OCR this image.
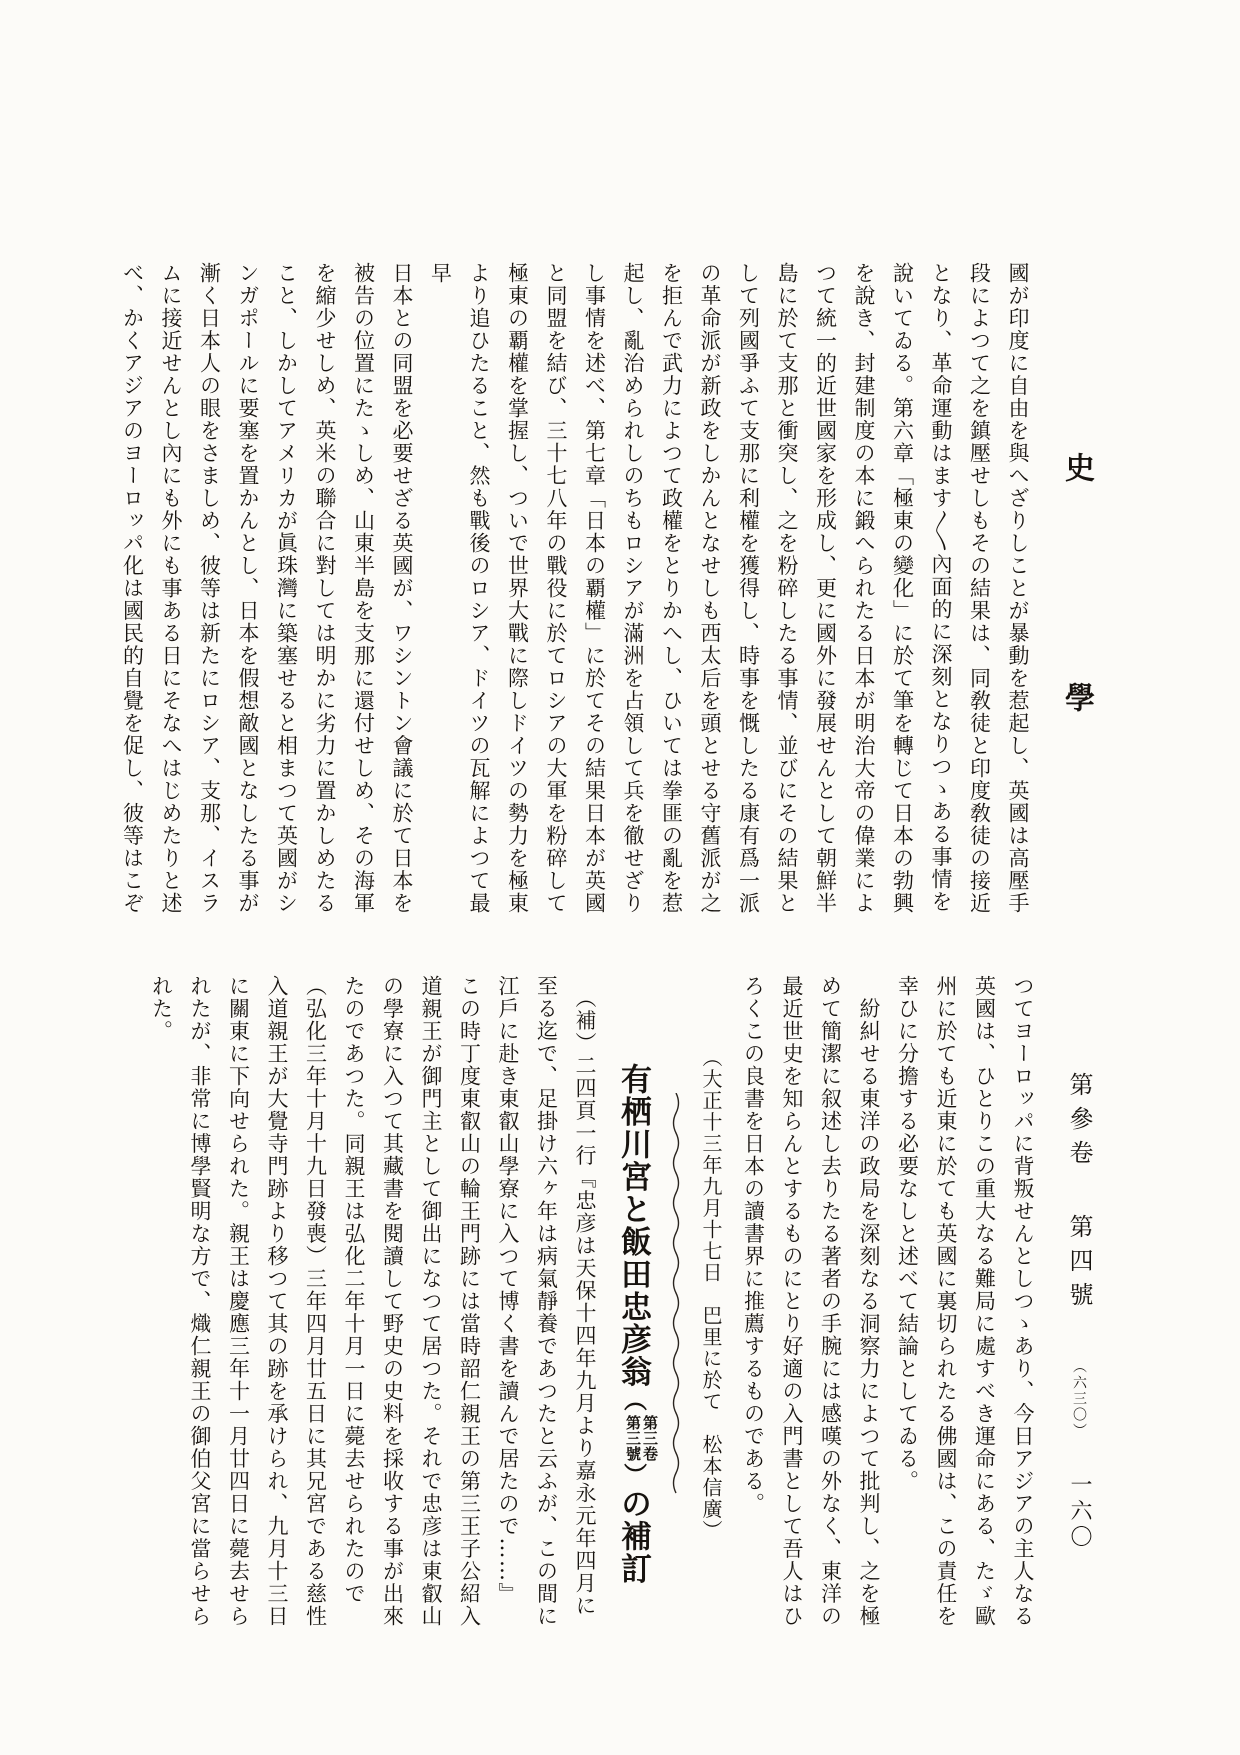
史學

國が印度に自由を與へざりしことが暴動を惹起し、英國は高壓手

段によつて之を鎮壓せしもその結果は、同敎徒と印度敎徒の接近

となり、革命運動はます〱內面的に深刻となりつゝある事情を

說いてゐる。第六章「極東の變化」に於て筆を轉じて日本の勃興

を說き、封建制度の本に鍛へられたる日本が明治大帝の偉業によ

つて統一的近世國家を形成し、更に國外に發展せんとして朝鮮半

島に於て支那と衝突し、之を粉碎したる事情、並びにその結果と

して列國爭ふて支那に利權を獲得し、時事を慨したる康有爲一派

の革命派が新政をしかんとなせしも西太后を頭とせる守舊派が之

を拒んで武力によつて政權をとりかへし、ひいては拳匪の亂を惹

起し、亂治められしのちもロシアが滿洲を占領して兵を徹せざり

し事情を述べ、第七章「日本の覇權」に於てその結果日本が英國

と同盟を結び、三十七八年の戰役に於てロシアの大軍を粉碎して

極東の覇權を掌握し、ついで世界大戰に際しドイツの勢力を極東

より追ひたること、然も戰後のロシア、ドイツの瓦解によつて最早

日本との同盟を必要せざる英國が、ワシントン會議に於て日本を

被告の位置にたゝしめ、山東半島を支那に還付せしめ、その海軍

を縮少せしめ、英米の聯合に對しては明かに劣力に置かしめたる

こと、しかしてアメリカが眞珠灣に築塞せると相まつて英國がシ

ンガポールに要塞を置かんとし、日本を假想敵國となしたる事が

漸く日本人の眼をさましめ、彼等は新たにロシア、支那、イスラ

ムに接近せんとし內にも外にも事ある日にそなへはじめたりと述

べ、かくアジアのヨーロッパ化は國民的自覺を促し、彼等はこぞ

第參卷 第四號 （六三〇） 一六〇

つてヨーロッパに背叛せんとしつゝあり、今日アジアの主人なる

英國は、ひとりこの重大なる難局に處すべき運命にある、たゞ歐

州に於ても近東に於ても英國に裏切られたる佛國は、この責任を

幸ひに分擔する必要なしと述べて結論としてゐる。

　紛糾せる東洋の政局を深刻なる洞察力によつて批判し、之を極

めて簡潔に叙述し去りたる著者の手腕には感嘆の外なく、東洋の

最近世史を知らんとするものにとり好適の入門書として吾人はひ

ろくこの良書を日本の讀書界に推薦するものである。

（大正十三年九月十七日　巴里に於て　松本信廣）

有栖川宮と飯田忠彦翁（第三卷
第三號）の補訂

　（補）二四頁一行『忠彦は天保十四年九月より嘉永元年四月に

至る迄で、足掛け六ヶ年は病氣靜養であつたと云ふが、この間に

江戶に赴き東叡山學寮に入つて博く書を讀んで居たので……』

この時丁度東叡山の輪王門跡には當時韶仁親王の第三王子公紹入

道親王が御門主として御出になつて居つた。それで忠彦は東叡山

の學寮に入つて其藏書を閱讀して野史の史料を採收する事が出來

たのであつた。同親王は弘化二年十月一日に薨去せられたので

（弘化三年十月十九日發喪）三年四月廿五日に其兄宮である慈性

入道親王が大覺寺門跡より移つて其の跡を承けられ、九月十三日

に關東に下向せられた。親王は慶應三年十一月廿四日に薨去せら

れたが、非常に博學賢明な方で、熾仁親王の御伯父宮に當らせら

れた。
